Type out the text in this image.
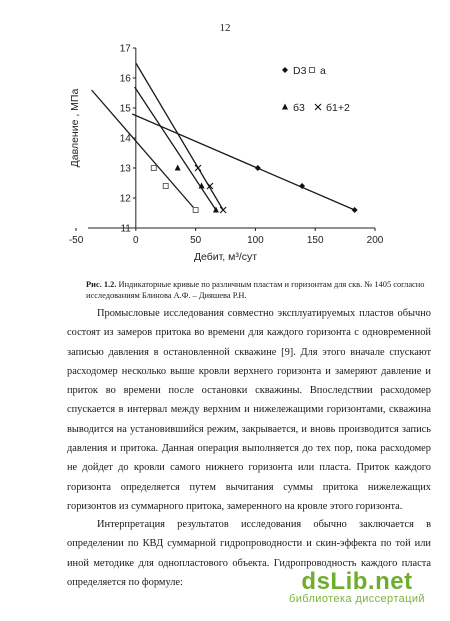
12
-50	0	50	100	150	200
11
12
13
14
15
16
17
D3 а
б3 б1+2
Дебит, м³/сут
Давление , МПа
Рис. 1.2. Индикаторные кривые по различным пластам и горизонтам для скв. № 1405 согласно исследованиям Блинова А.Ф. – Дияшева Р.Н.

Промысловые исследования совместно эксплуатируемых пластов обычно состоят из замеров притока во времени для каждого горизонта с одновременной записью давления в остановленной скважине [9]. Для этого вначале спускают расходомер несколько выше кровли верхнего горизонта и замеряют давление и приток во времени после остановки скважины. Впоследствии расходомер спускается в интервал между верхним и нижележащими горизонтами, скважина выводится на установившийся режим, закрывается, и вновь производится запись давления и притока. Данная операция выполняется до тех пор, пока расходомер не дойдет до кровли самого нижнего горизонта или пласта. Приток каждого горизонта определяется путем вычитания суммы притока нижележащих горизонтов из суммарного притока, замеренного на кровле этого горизонта.

Интерпретация результатов исследования обычно заключается в определении по КВД суммарной гидропроводности и скин-эффекта по той или иной методике для однопластового объекта. Гидропроводность каждого пласта определяется по формуле:	dsLib.net
библиотека диссертаций
